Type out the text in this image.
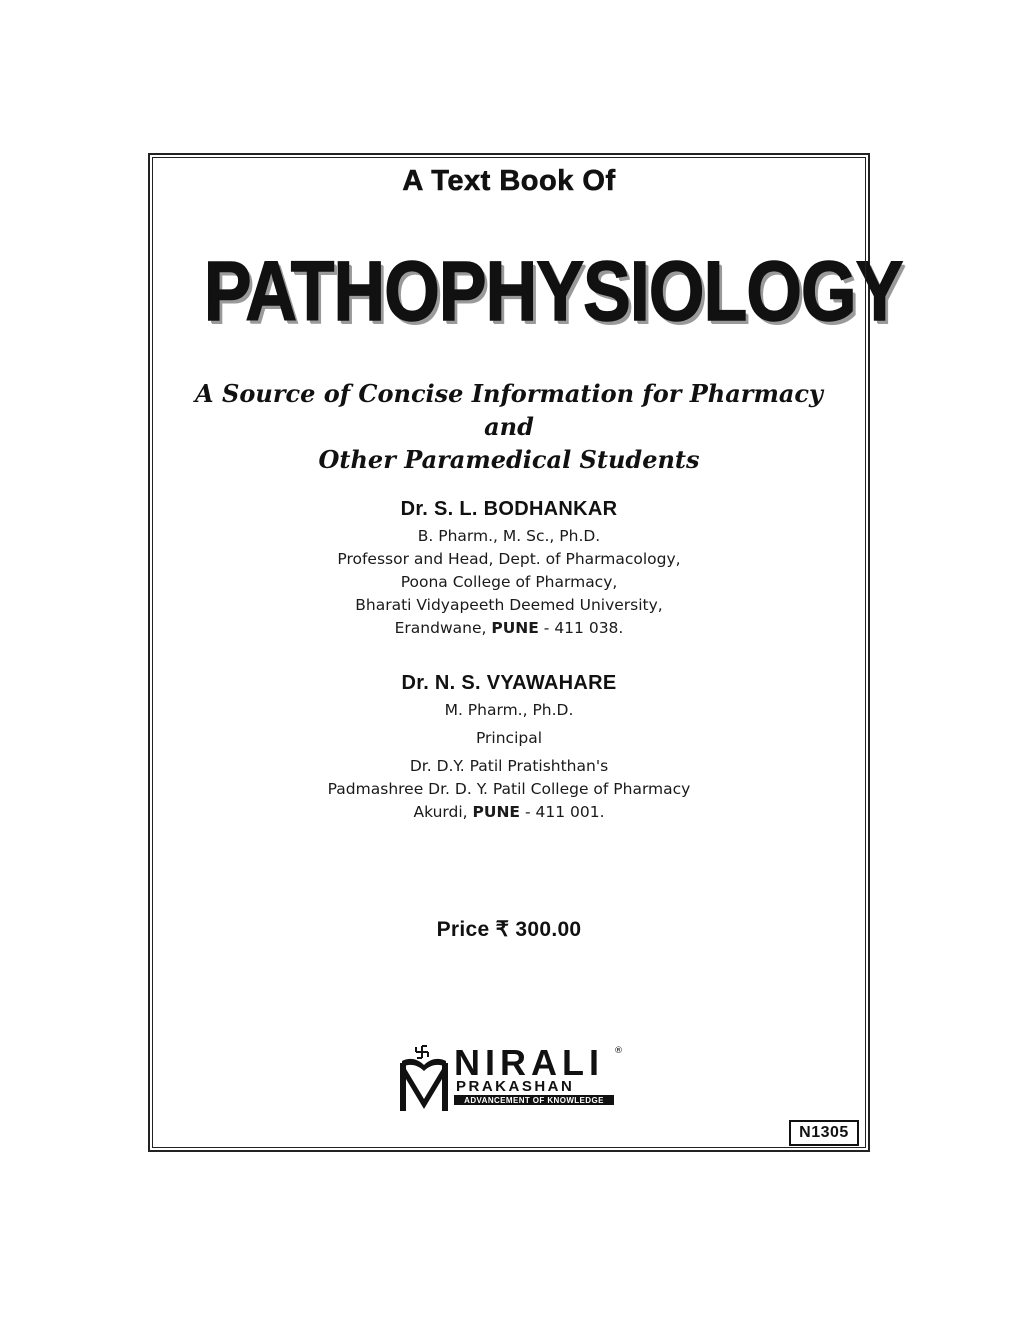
A Text Book Of
PATHOPHYSIOLOGY
A Source of Concise Information for Pharmacy and
Other Paramedical Students
Dr. S. L. BODHANKAR
B. Pharm., M. Sc., Ph.D.
Professor and Head, Dept. of Pharmacology,
Poona College of Pharmacy,
Bharati Vidyapeeth Deemed University,
Erandwane, PUNE - 411 038.
Dr. N. S. VYAWAHARE
M. Pharm., Ph.D.
Principal
Dr. D.Y. Patil Pratishthan's
Padmashree Dr. D. Y. Patil College of Pharmacy
Akurdi, PUNE - 411 001.
Price ₹ 300.00
NIRALI ®
PRAKASHAN
ADVANCEMENT OF KNOWLEDGE
N1305
